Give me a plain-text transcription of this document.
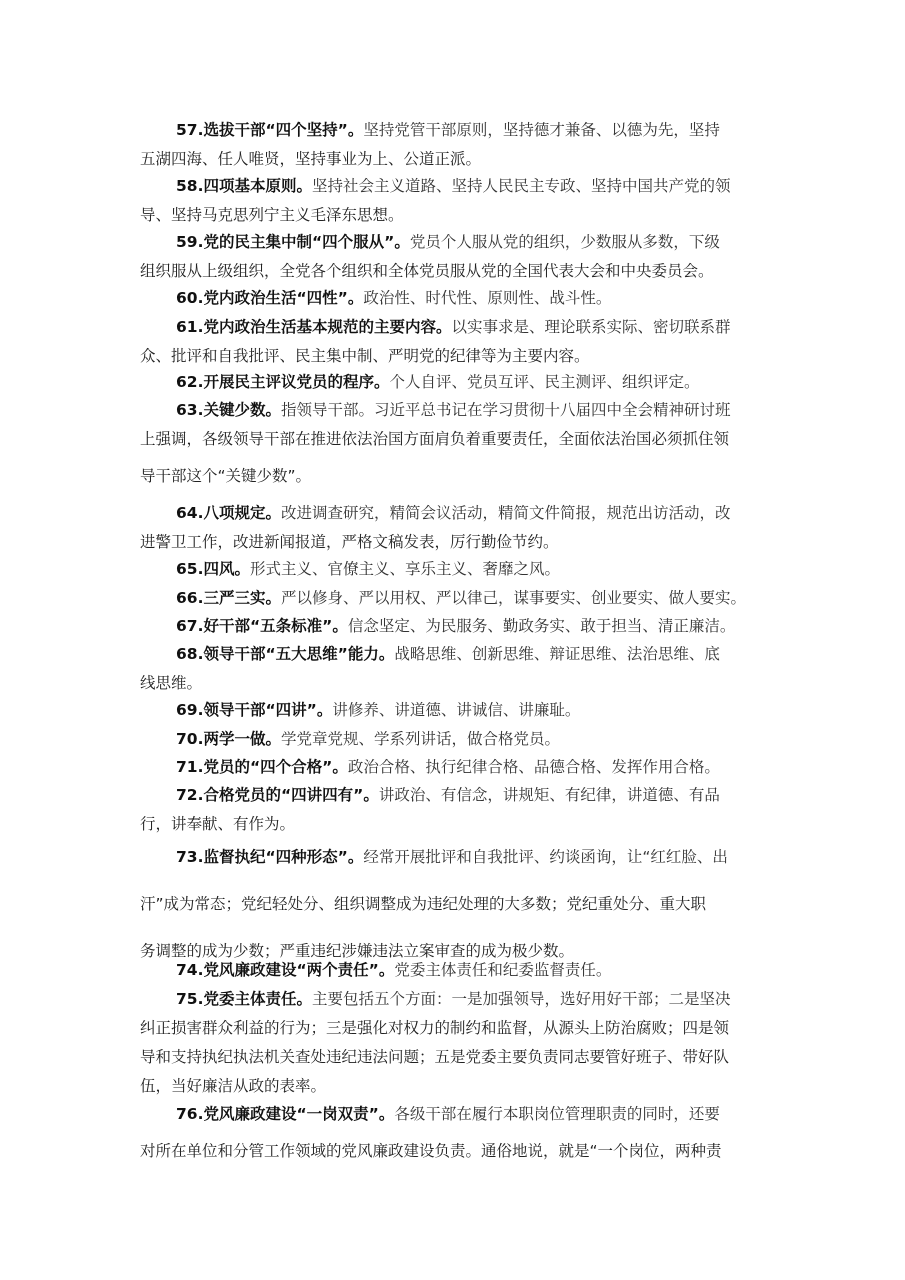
57.选拔干部“四个坚持”。坚持党管干部原则，坚持德才兼备、以德为先，坚持

五湖四海、任人唯贤，坚持事业为上、公道正派。

58.四项基本原则。坚持社会主义道路、坚持人民民主专政、坚持中国共产党的领

导、坚持马克思列宁主义毛泽东思想。

59.党的民主集中制“四个服从”。党员个人服从党的组织，少数服从多数，下级

组织服从上级组织，全党各个组织和全体党员服从党的全国代表大会和中央委员会。

60.党内政治生活“四性”。政治性、时代性、原则性、战斗性。

61.党内政治生活基本规范的主要内容。以实事求是、理论联系实际、密切联系群

众、批评和自我批评、民主集中制、严明党的纪律等为主要内容。

62.开展民主评议党员的程序。个人自评、党员互评、民主测评、组织评定。

63.关键少数。指领导干部。习近平总书记在学习贯彻十八届四中全会精神研讨班

上强调，各级领导干部在推进依法治国方面肩负着重要责任，全面依法治国必须抓住领

导干部这个“关键少数”。

64.八项规定。改进调查研究，精简会议活动，精简文件简报，规范出访活动，改

进警卫工作，改进新闻报道，严格文稿发表，厉行勤俭节约。

65.四风。形式主义、官僚主义、享乐主义、奢靡之风。

66.三严三实。严以修身、严以用权、严以律己，谋事要实、创业要实、做人要实。

67.好干部“五条标准”。信念坚定、为民服务、勤政务实、敢于担当、清正廉洁。

68.领导干部“五大思维”能力。战略思维、创新思维、辩证思维、法治思维、底

线思维。

69.领导干部“四讲”。讲修养、讲道德、讲诚信、讲廉耻。

70.两学一做。学党章党规、学系列讲话，做合格党员。

71.党员的“四个合格”。政治合格、执行纪律合格、品德合格、发挥作用合格。

72.合格党员的“四讲四有”。讲政治、有信念，讲规矩、有纪律，讲道德、有品

行，讲奉献、有作为。

73.监督执纪“四种形态”。经常开展批评和自我批评、约谈函询，让“红红脸、出

汗”成为常态；党纪轻处分、组织调整成为违纪处理的大多数；党纪重处分、重大职

务调整的成为少数；严重违纪涉嫌违法立案审查的成为极少数。

74.党风廉政建设“两个责任”。党委主体责任和纪委监督责任。

75.党委主体责任。主要包括五个方面：一是加强领导，选好用好干部；二是坚决

纠正损害群众利益的行为；三是强化对权力的制约和监督，从源头上防治腐败；四是领

导和支持执纪执法机关查处违纪违法问题；五是党委主要负责同志要管好班子、带好队

伍，当好廉洁从政的表率。

76.党风廉政建设“一岗双责”。各级干部在履行本职岗位管理职责的同时，还要

对所在单位和分管工作领域的党风廉政建设负责。通俗地说，就是“一个岗位，两种责
